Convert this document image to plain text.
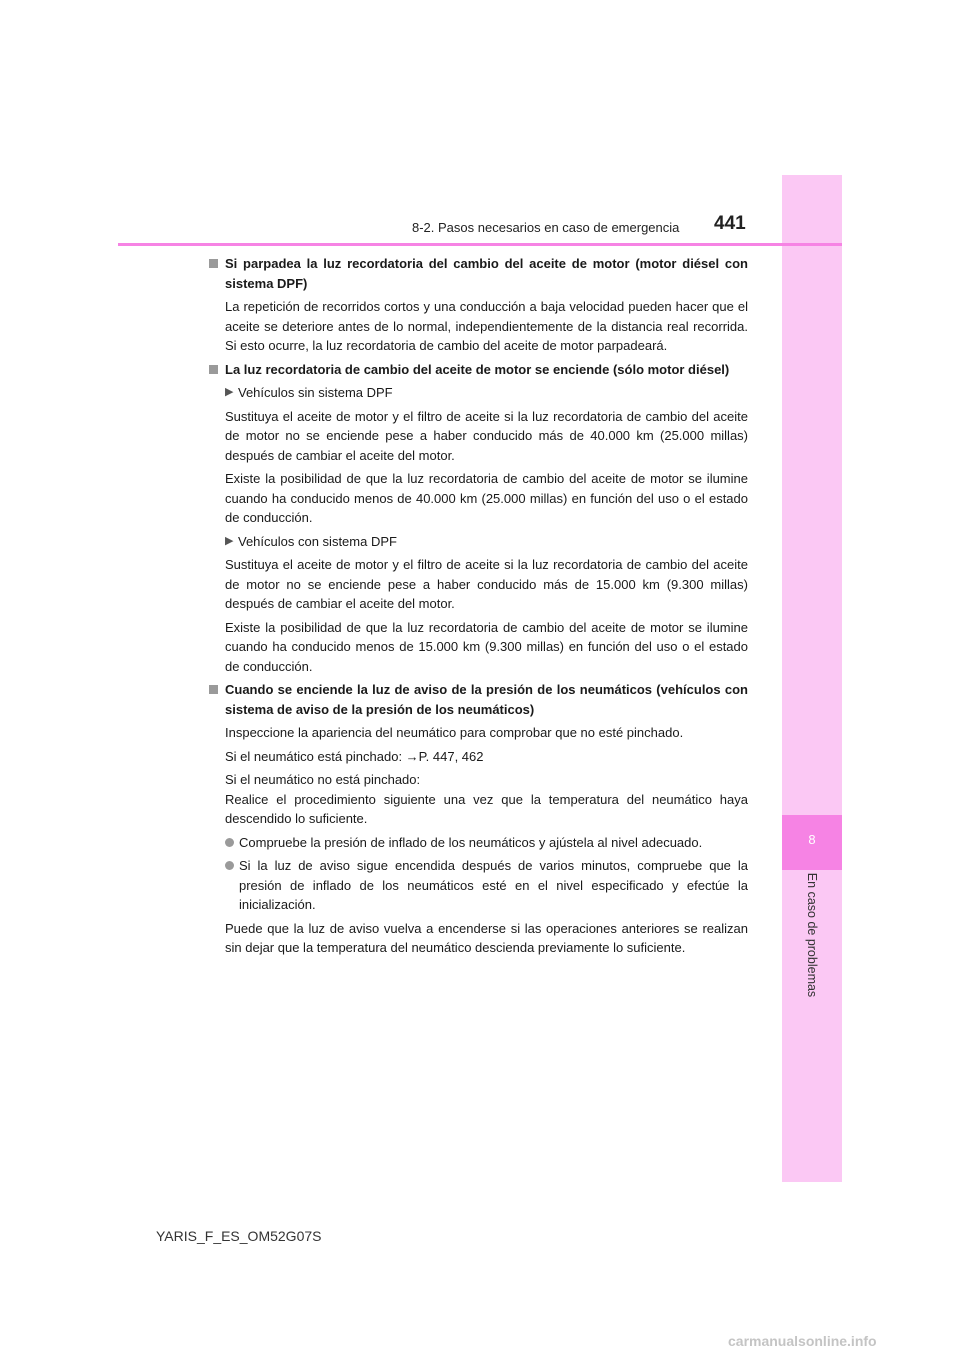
8
En caso de problemas
8-2. Pasos necesarios en caso de emergencia 441
Si parpadea la luz recordatoria del cambio del aceite de motor (motor diésel con sistema DPF)
La repetición de recorridos cortos y una conducción a baja velocidad pueden hacer que el aceite se deteriore antes de lo normal, independientemente de la distancia real recorrida. Si esto ocurre, la luz recordatoria de cambio del aceite de motor parpadeará.
La luz recordatoria de cambio del aceite de motor se enciende (sólo motor diésel)
▶ Vehículos sin sistema DPF
Sustituya el aceite de motor y el filtro de aceite si la luz recordatoria de cambio del aceite de motor no se enciende pese a haber conducido más de 40.000 km (25.000 millas) después de cambiar el aceite del motor.
Existe la posibilidad de que la luz recordatoria de cambio del aceite de motor se ilumine cuando ha conducido menos de 40.000 km (25.000 millas) en función del uso o el estado de conducción.
▶ Vehículos con sistema DPF
Sustituya el aceite de motor y el filtro de aceite si la luz recordatoria de cambio del aceite de motor no se enciende pese a haber conducido más de 15.000 km (9.300 millas) después de cambiar el aceite del motor.
Existe la posibilidad de que la luz recordatoria de cambio del aceite de motor se ilumine cuando ha conducido menos de 15.000 km (9.300 millas) en función del uso o el estado de conducción.
Cuando se enciende la luz de aviso de la presión de los neumáticos (vehículos con sistema de aviso de la presión de los neumáticos)
Inspeccione la apariencia del neumático para comprobar que no esté pinchado.
Si el neumático está pinchado: →P. 447, 462
Si el neumático no está pinchado:
Realice el procedimiento siguiente una vez que la temperatura del neumático haya descendido lo suficiente.
Compruebe la presión de inflado de los neumáticos y ajústela al nivel adecuado.
Si la luz de aviso sigue encendida después de varios minutos, compruebe que la presión de inflado de los neumáticos esté en el nivel especificado y efectúe la inicialización.
Puede que la luz de aviso vuelva a encenderse si las operaciones anteriores se realizan sin dejar que la temperatura del neumático descienda previamente lo suficiente.
YARIS_F_ES_OM52G07S
carmanualsonline.info
